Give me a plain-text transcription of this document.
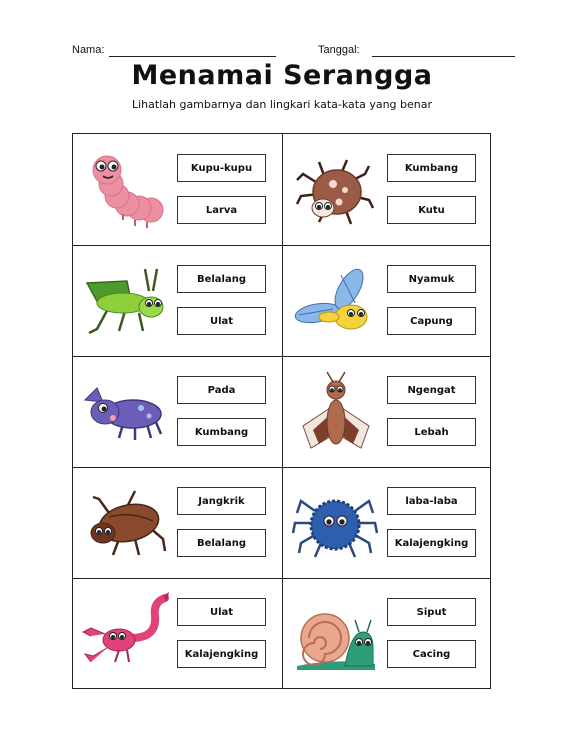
Nama:	Tanggal:
Menamai Serangga
Lihatlah gambarnya dan lingkari kata-kata yang benar
Kupu-kupu
Larva
Kumbang
Kutu
Belalang
Ulat
Nyamuk
Capung
Pada
Kumbang
Ngengat
Lebah
Jangkrik
Belalang
laba-laba
Kalajengking
Ulat
Kalajengking
Siput
Cacing
